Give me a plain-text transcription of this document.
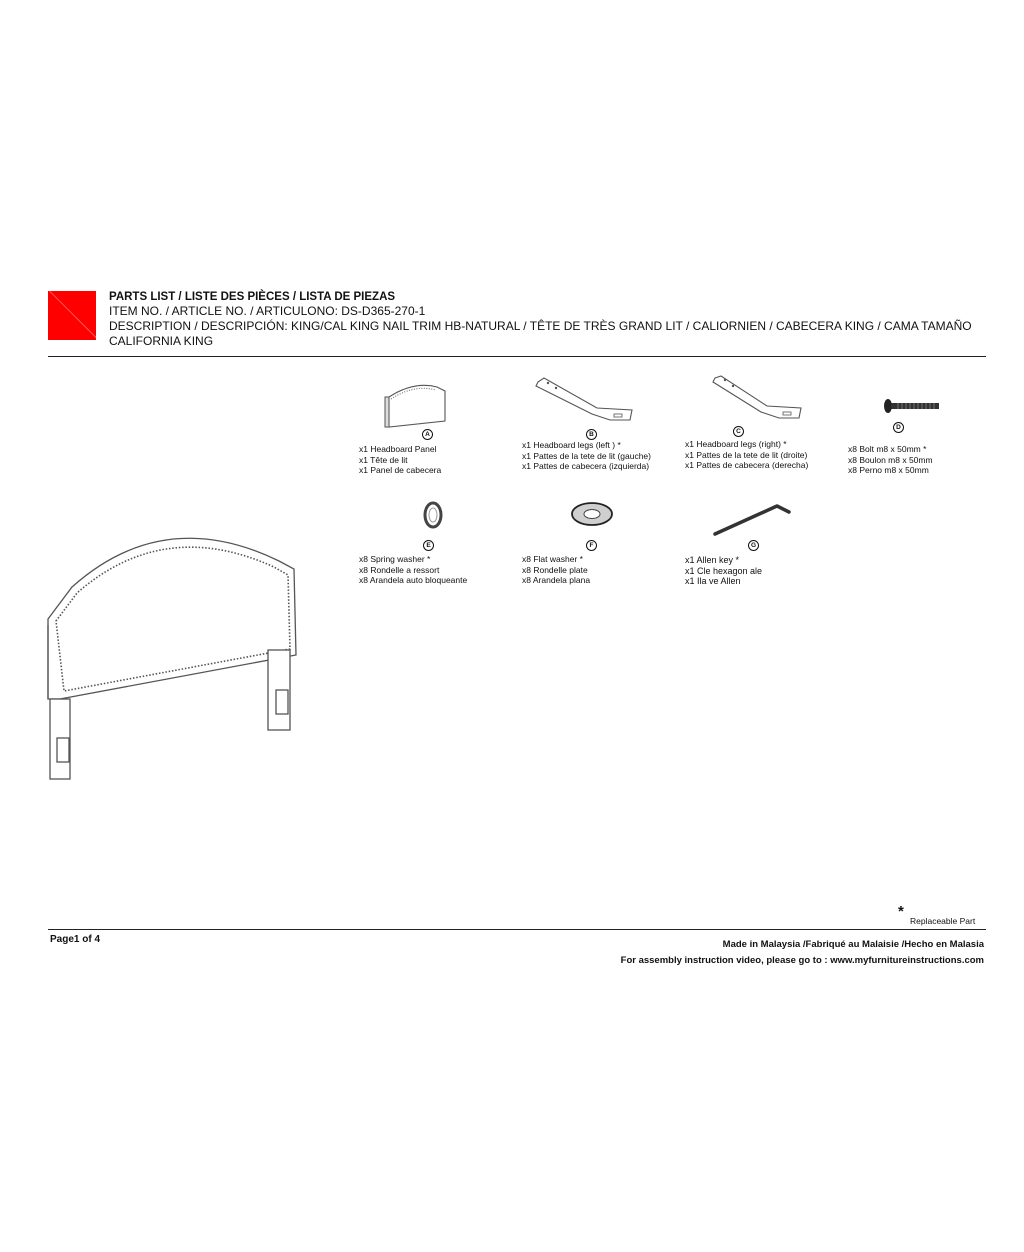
PARTS LIST / LISTE DES PIÈCES / LISTA DE PIEZAS
ITEM NO. / ARTICLE NO. / ARTICULONO: DS-D365-270-1
DESCRIPTION / DESCRIPCIÓN: KING/CAL KING NAIL TRIM HB-NATURAL / TÊTE DE TRÈS GRAND LIT / CALIORNIEN / CABECERA KING / CAMA TAMAÑO
CALIFORNIA KING
A
x1 Headboard Panel
x1 Tête de lit
x1 Panel de cabecera
B
x1 Headboard legs (left ) *
x1 Pattes de la tete de lit (gauche)
x1 Pattes de cabecera (izquierda)
C
x1 Headboard legs (right) *
x1 Pattes de la tete de lit (droite)
x1 Pattes de cabecera (derecha)
D
x8 Bolt m8 x 50mm *
x8 Boulon m8 x 50mm
x8 Perno m8 x 50mm
E
x8 Spring washer *
x8 Rondelle a ressort
x8 Arandela auto bloqueante
F
x8 Flat washer *
x8 Rondelle plate
x8 Arandela plana
G
x1 Allen key *
x1 Cle hexagon ale
x1 Ila ve Allen
*
Replaceable Part
Page1 of 4	Made in Malaysia /Fabriqué au Malaisie /Hecho en Malasia
For assembly instruction video, please go to : www.myfurnitureinstructions.com
